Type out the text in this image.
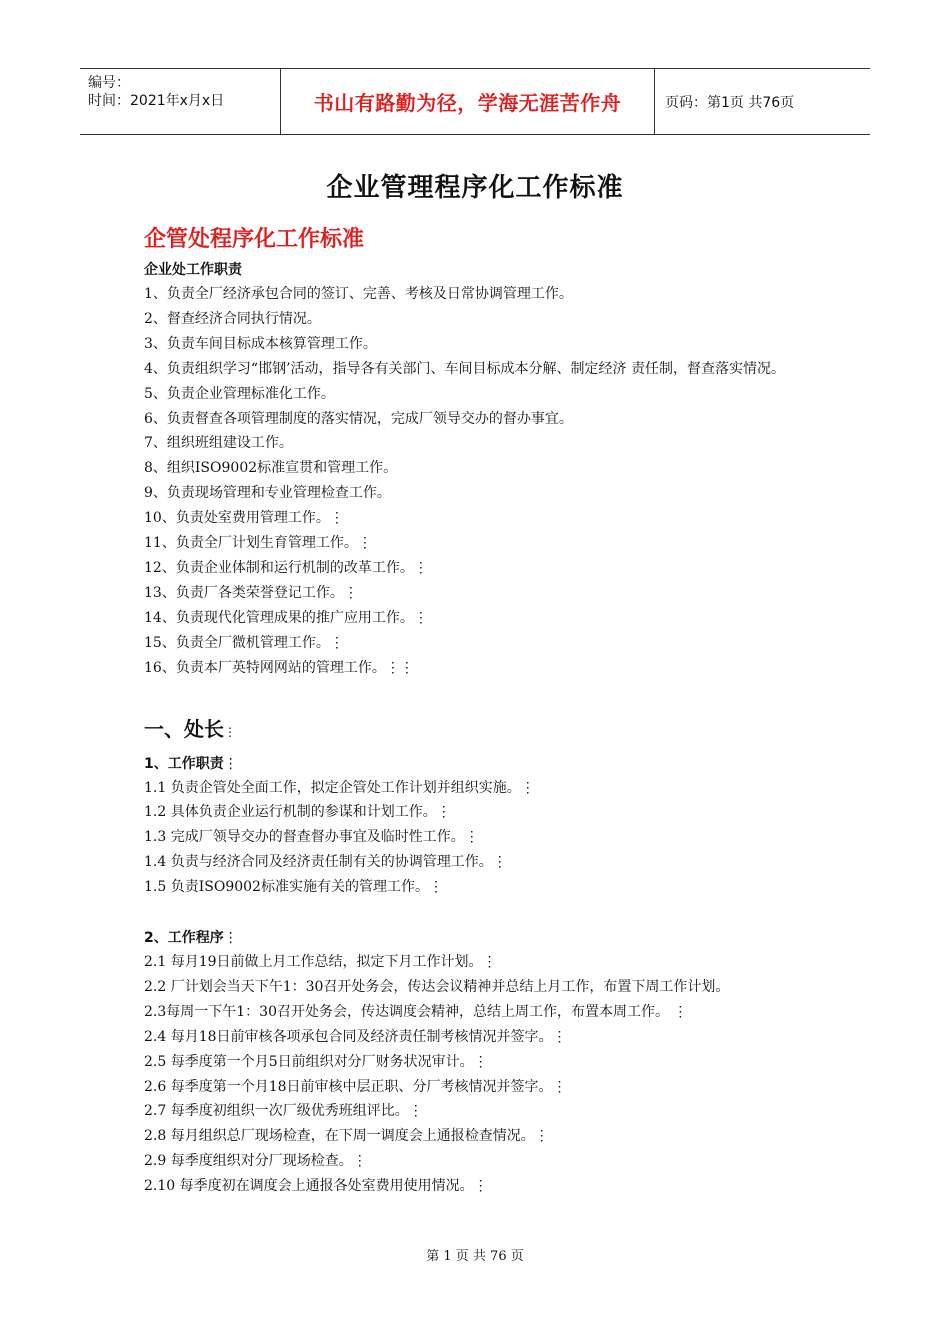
编号：
时间：2021年x月x日	书山有路勤为径，学海无涯苦作舟	页码：第1页 共76页
企业管理程序化工作标准
企管处程序化工作标准
企业处工作职责
1、负责全厂经济承包合同的签订、完善、考核及日常协调管理工作。
2、督查经济合同执行情况。
3、负责车间目标成本核算管理工作。
4、负责组织学习“邯钢’活动，指导各有关部门、车间目标成本分解、制定经济 责任制，督查落实情况。
5、负责企业管理标准化工作。
6、负责督查各项管理制度的落实情况，完成厂领导交办的督办事宜。
7、组织班组建设工作。
8、组织ISO9002标准宣贯和管理工作。
9、负责现场管理和专业管理检查工作。
10、负责处室费用管理工作。⋮
11、负责全厂计划生育管理工作。⋮
12、负责企业体制和运行机制的改革工作。⋮
13、负责厂各类荣誉登记工作。⋮
14、负责现代化管理成果的推广应用工作。⋮
15、负责全厂微机管理工作。⋮
16、负责本厂英特网网站的管理工作。⋮⋮
一、处长⋮
1、工作职责⋮
1.1 负责企管处全面工作，拟定企管处工作计划并组织实施。⋮
1.2 具体负责企业运行机制的参谋和计划工作。⋮
1.3 完成厂领导交办的督查督办事宜及临时性工作。⋮
1.4 负责与经济合同及经济责任制有关的协调管理工作。⋮
1.5 负责ISO9002标准实施有关的管理工作。⋮
2、工作程序⋮
2.1 每月19日前做上月工作总结，拟定下月工作计划。⋮
2.2 厂计划会当天下午1：30召开处务会，传达会议精神并总结上月工作，布置下周工作计划。
2.3每周一下午1：30召开处务会，传达调度会精神，总结上周工作，布置本周工作。 ⋮
2.4 每月18日前审核各项承包合同及经济责任制考核情况并签字。⋮
2.5 每季度第一个月5日前组织对分厂财务状况审计。⋮
2.6 每季度第一个月18日前审核中层正职、分厂考核情况并签字。⋮
2.7 每季度初组织一次厂级优秀班组评比。⋮
2.8 每月组织总厂现场检查，在下周一调度会上通报检查情况。⋮
2.9 每季度组织对分厂现场检查。⋮
2.10 每季度初在调度会上通报各处室费用使用情况。⋮
第 1 页 共 76 页
